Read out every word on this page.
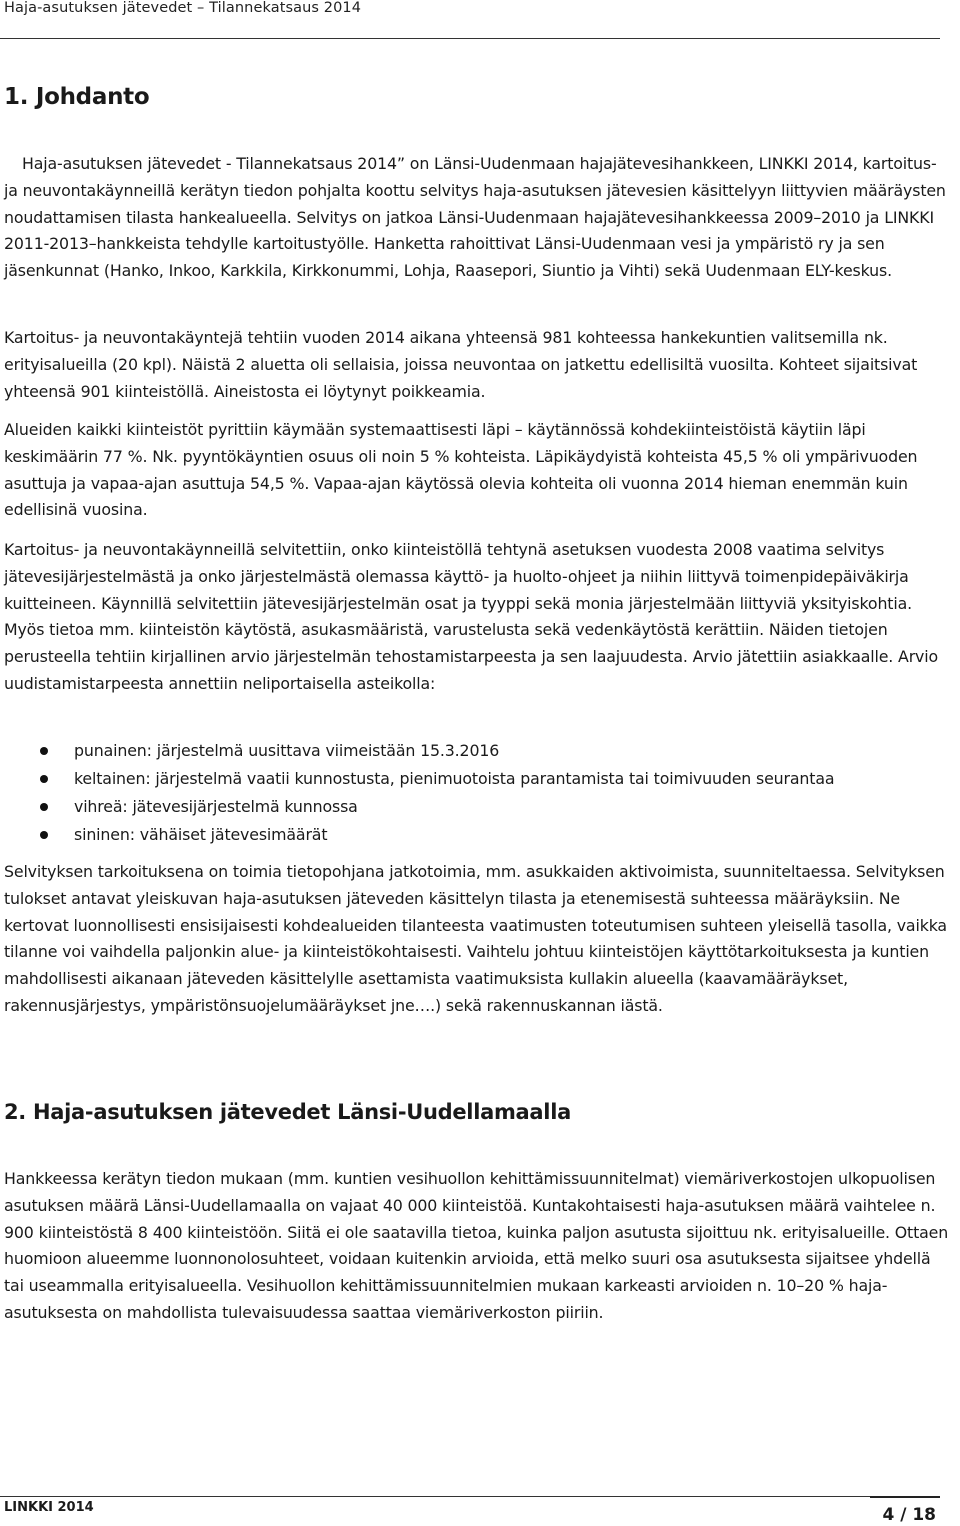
Haja-asutuksen jätevedet – Tilannekatsaus 2014
1. Johdanto

Haja-asutuksen jätevedet - Tilannekatsaus 2014” on Länsi-Uudenmaan hajajätevesihankkeen, LINKKI 2014, kartoitus- ja neuvontakäynneillä kerätyn tiedon pohjalta koottu selvitys haja-asutuksen jätevesien käsittelyyn liittyvien määräysten noudattamisen tilasta hankealueella. Selvitys on jatkoa Länsi-Uudenmaan hajajätevesihankkeessa 2009–2010 ja LINKKI 2011-2013–hankkeista tehdylle kartoitustyölle. Hanketta rahoittivat Länsi-Uudenmaan vesi ja ympäristö ry ja sen jäsenkunnat (Hanko, Inkoo, Karkkila, Kirkkonummi, Lohja, Raasepori, Siuntio ja Vihti) sekä Uudenmaan ELY-keskus.

Kartoitus- ja neuvontakäyntejä tehtiin vuoden 2014 aikana yhteensä 981 kohteessa hankekuntien valitsemilla nk. erityisalueilla (20 kpl). Näistä 2 aluetta oli sellaisia, joissa neuvontaa on jatkettu edellisiltä vuosilta. Kohteet sijaitsivat yhteensä 901 kiinteistöllä. Aineistosta ei löytynyt poikkeamia.

Alueiden kaikki kiinteistöt pyrittiin käymään systemaattisesti läpi – käytännössä kohdekiinteistöistä käytiin läpi keskimäärin 77 %. Nk. pyyntökäyntien osuus oli noin 5 % kohteista. Läpikäydyistä kohteista 45,5 % oli ympärivuoden asuttuja ja vapaa-ajan asuttuja 54,5 %. Vapaa-ajan käytössä olevia kohteita oli vuonna 2014 hieman enemmän kuin edellisinä vuosina.

Kartoitus- ja neuvontakäynneillä selvitettiin, onko kiinteistöllä tehtynä asetuksen vuodesta 2008 vaatima selvitys jätevesijärjestelmästä ja onko järjestelmästä olemassa käyttö- ja huolto-ohjeet ja niihin liittyvä toimenpidepäiväkirja kuitteineen. Käynnillä selvitettiin jätevesijärjestelmän osat ja tyyppi sekä monia järjestelmään liittyviä yksityiskohtia. Myös tietoa mm. kiinteistön käytöstä, asukasmääristä, varustelusta sekä vedenkäytöstä kerättiin. Näiden tietojen perusteella tehtiin kirjallinen arvio järjestelmän tehostamistarpeesta ja sen laajuudesta. Arvio jätettiin asiakkaalle. Arvio uudistamistarpeesta annettiin neliportaisella asteikolla:

punainen: järjestelmä uusittava viimeistään 15.3.2016
keltainen: järjestelmä vaatii kunnostusta, pienimuotoista parantamista tai toimivuuden seurantaa
vihreä: jätevesijärjestelmä kunnossa
sininen: vähäiset jätevesimäärät

Selvityksen tarkoituksena on toimia tietopohjana jatkotoimia, mm. asukkaiden aktivoimista, suunniteltaessa. Selvityksen tulokset antavat yleiskuvan haja-asutuksen jäteveden käsittelyn tilasta ja etenemisestä suhteessa määräyksiin. Ne kertovat luonnollisesti ensisijaisesti kohdealueiden tilanteesta vaatimusten toteutumisen suhteen yleisellä tasolla, vaikka tilanne voi vaihdella paljonkin alue- ja kiinteistökohtaisesti. Vaihtelu johtuu kiinteistöjen käyttötarkoituksesta ja kuntien mahdollisesti aikanaan jäteveden käsittelylle asettamista vaatimuksista kullakin alueella (kaavamääräykset, rakennusjärjestys, ympäristönsuojelumääräykset jne….) sekä rakennuskannan iästä.

2. Haja-asutuksen jätevedet Länsi-Uudellamaalla

Hankkeessa kerätyn tiedon mukaan (mm. kuntien vesihuollon kehittämissuunnitelmat) viemäriverkostojen ulkopuolisen asutuksen määrä Länsi-Uudellamaalla on vajaat 40 000 kiinteistöä. Kuntakohtaisesti haja-asutuksen määrä vaihtelee n. 900 kiinteistöstä 8 400 kiinteistöön. Siitä ei ole saatavilla tietoa, kuinka paljon asutusta sijoittuu nk. erityisalueille. Ottaen huomioon alueemme luonnonolosuhteet, voidaan kuitenkin arvioida, että melko suuri osa asutuksesta sijaitsee yhdellä tai useammalla erityisalueella. Vesihuollon kehittämissuunnitelmien mukaan karkeasti arvioiden n. 10–20 % haja-asutuksesta on mahdollista tulevaisuudessa saattaa viemäriverkoston piiriin.

LINKKI 2014	4 / 18
